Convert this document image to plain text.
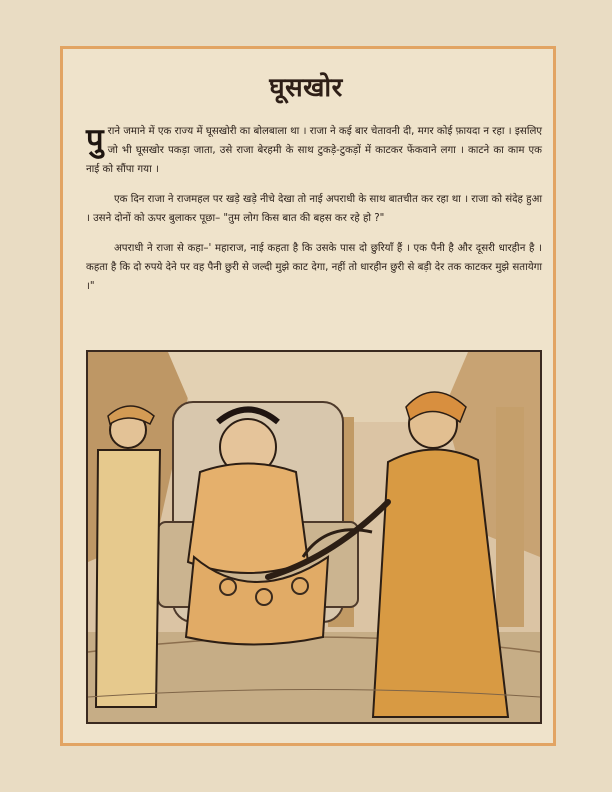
घूसखोर

पु राने जमाने में एक राज्य में घूसखोरी का बोलबाला था । राजा ने कई बार चेतावनी दी, मगर कोई फ़ायदा न रहा । इसलिए जो भी घूसखोर पकड़ा जाता, उसे राजा बेरहमी के साथ टुकड़े-टुकड़ों में काटकर फेंकवाने लगा । काटने का काम एक नाई को सौंपा गया ।

एक दिन राजा ने राजमहल पर खड़े खड़े नीचे देखा तो नाई अपराधी के साथ बातचीत कर रहा था । राजा को संदेह हुआ । उसने दोनों को ऊपर बुलाकर पूछा– "तुम लोग किस बात की बहस कर रहे हो ?"

अपराधी ने राजा से कहा–' महाराज, नाई कहता है कि उसके पास दो छुरियाँ हैं । एक पैनी है और दूसरी धारहीन है । कहता है कि दो रुपये देने पर वह पैनी छुरी से जल्दी मुझे काट देगा, नहीं तो धारहीन छुरी से बड़ी देर तक काटकर मुझे सतायेगा ।"
